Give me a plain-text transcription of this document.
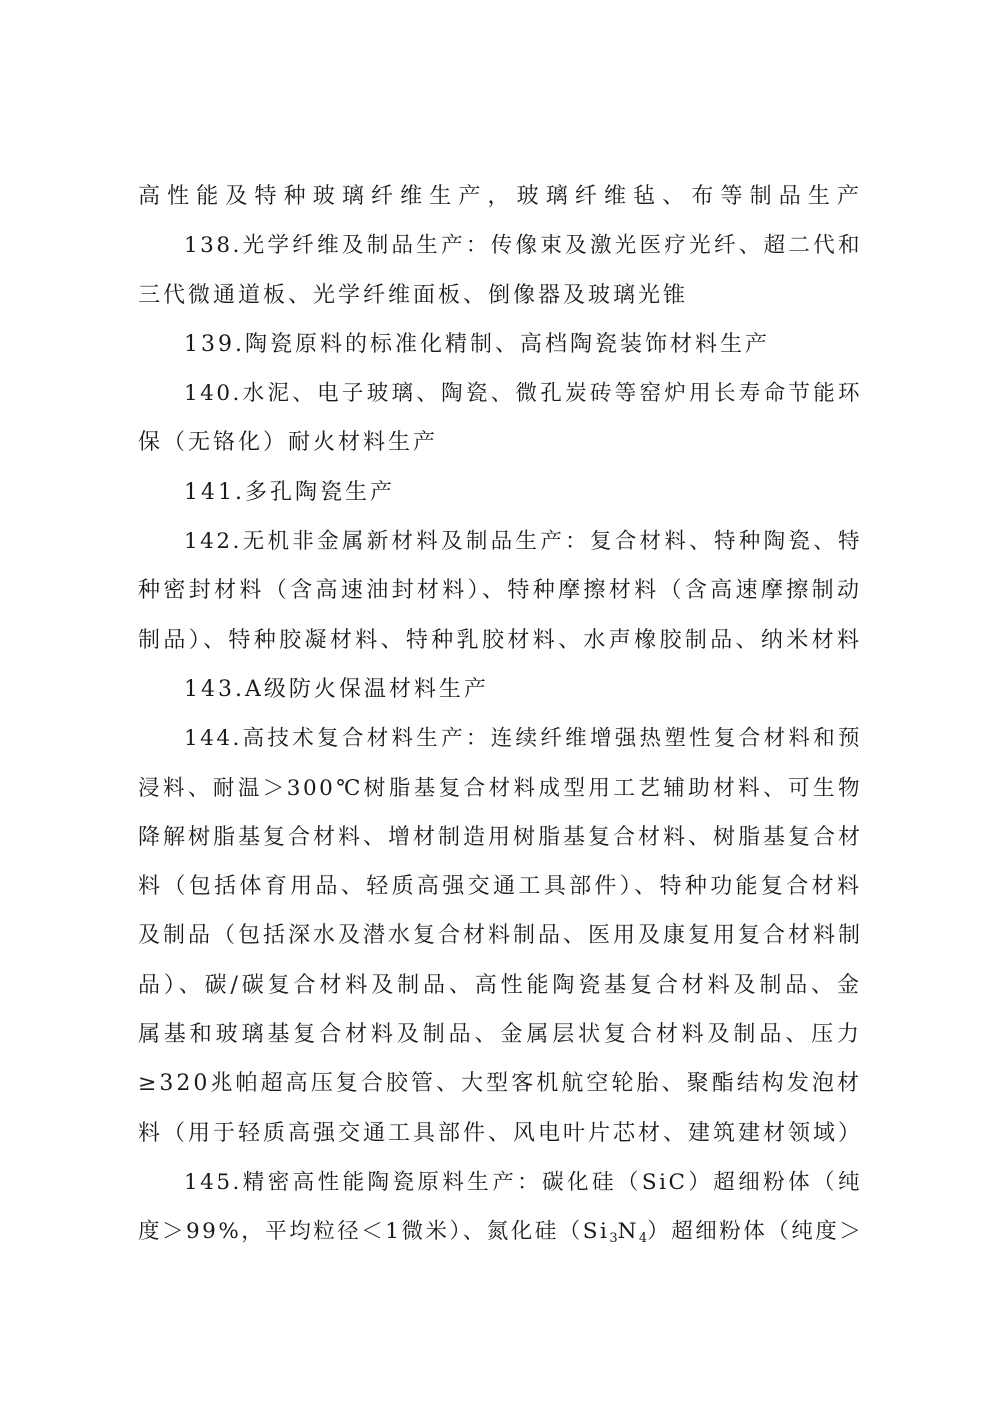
高性能及特种玻璃纤维生产，玻璃纤维毡、布等制品生产
138.光学纤维及制品生产：传像束及激光医疗光纤、超二代和
三代微通道板、光学纤维面板、倒像器及玻璃光锥
139.陶瓷原料的标准化精制、高档陶瓷装饰材料生产
140.水泥、电子玻璃、陶瓷、微孔炭砖等窑炉用长寿命节能环
保（无铬化）耐火材料生产
141.多孔陶瓷生产
142.无机非金属新材料及制品生产：复合材料、特种陶瓷、特
种密封材料（含高速油封材料）、特种摩擦材料（含高速摩擦制动
制品）、特种胶凝材料、特种乳胶材料、水声橡胶制品、纳米材料
143.A级防火保温材料生产
144.高技术复合材料生产：连续纤维增强热塑性复合材料和预
浸料、耐温＞300℃树脂基复合材料成型用工艺辅助材料、可生物
降解树脂基复合材料、增材制造用树脂基复合材料、树脂基复合材
料（包括体育用品、轻质高强交通工具部件）、特种功能复合材料
及制品（包括深水及潜水复合材料制品、医用及康复用复合材料制
品）、碳/碳复合材料及制品、高性能陶瓷基复合材料及制品、金
属基和玻璃基复合材料及制品、金属层状复合材料及制品、压力
≥320兆帕超高压复合胶管、大型客机航空轮胎、聚酯结构发泡材
料（用于轻质高强交通工具部件、风电叶片芯材、建筑建材领域）
145.精密高性能陶瓷原料生产：碳化硅（SiC）超细粉体（纯
度＞99%，平均粒径＜1微米）、氮化硅$(Si_3N_4)$超细粉体（纯度＞
